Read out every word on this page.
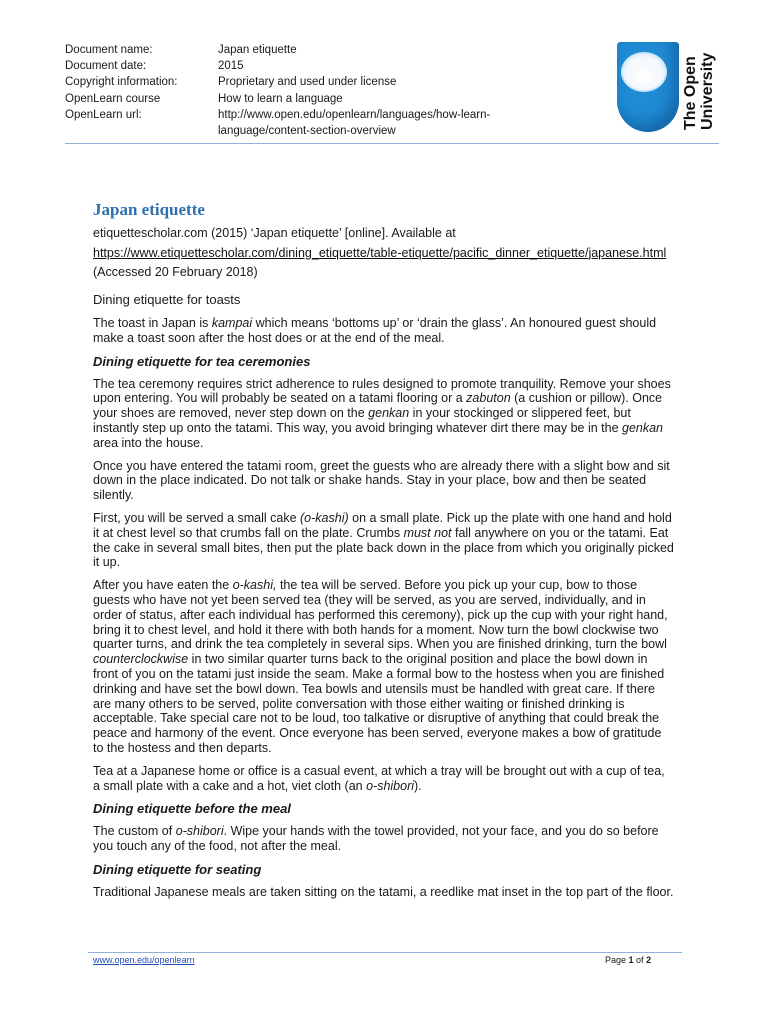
Document name:	Japan etiquette
Document date:	2015
Copyright information:	Proprietary and used under license
OpenLearn course	How to learn a language
OpenLearn url:	http://www.open.edu/openlearn/languages/how-learn-language/content-section-overview
The Open University
Japan etiquette
etiquettescholar.com (2015) ‘Japan etiquette’ [online]. Available at
https://www.etiquettescholar.com/dining_etiquette/table-etiquette/pacific_dinner_etiquette/japanese.html (Accessed 20 February 2018)
Dining etiquette for toasts

The toast in Japan is kampai which means ‘bottoms up’ or ‘drain the glass’. An honoured guest should make a toast soon after the host does or at the end of the meal.

Dining etiquette for tea ceremonies

The tea ceremony requires strict adherence to rules designed to promote tranquility. Remove your shoes upon entering. You will probably be seated on a tatami flooring or a zabuton (a cushion or pillow). Once your shoes are removed, never step down on the genkan in your stockinged or slippered feet, but instantly step up onto the tatami. This way, you avoid bringing whatever dirt there may be in the genkan area into the house.

Once you have entered the tatami room, greet the guests who are already there with a slight bow and sit down in the place indicated. Do not talk or shake hands. Stay in your place, bow and then be seated silently.

First, you will be served a small cake (o-kashi) on a small plate. Pick up the plate with one hand and hold it at chest level so that crumbs fall on the plate. Crumbs must not fall anywhere on you or the tatami. Eat the cake in several small bites, then put the plate back down in the place from which you originally picked it up.

After you have eaten the o-kashi, the tea will be served. Before you pick up your cup, bow to those guests who have not yet been served tea (they will be served, as you are served, individually, and in order of status, after each individual has performed this ceremony), pick up the cup with your right hand, bring it to chest level, and hold it there with both hands for a moment. Now turn the bowl clockwise two quarter turns, and drink the tea completely in several sips. When you are finished drinking, turn the bowl counterclockwise in two similar quarter turns back to the original position and place the bowl down in front of you on the tatami just inside the seam. Make a formal bow to the hostess when you are finished drinking and have set the bowl down. Tea bowls and utensils must be handled with great care. If there are many others to be served, polite conversation with those either waiting or finished drinking is acceptable. Take special care not to be loud, too talkative or disruptive of anything that could break the peace and harmony of the event. Once everyone has been served, everyone makes a bow of gratitude to the hostess and then departs.

Tea at a Japanese home or office is a casual event, at which a tray will be brought out with a cup of tea, a small plate with a cake and a hot, viet cloth (an o-shibori).

Dining etiquette before the meal

The custom of o-shibori. Wipe your hands with the towel provided, not your face, and you do so before you touch any of the food, not after the meal.

Dining etiquette for seating

Traditional Japanese meals are taken sitting on the tatami, a reedlike mat inset in the top part of the floor.

www.open.edu/openlearn	Page 1 of 2
